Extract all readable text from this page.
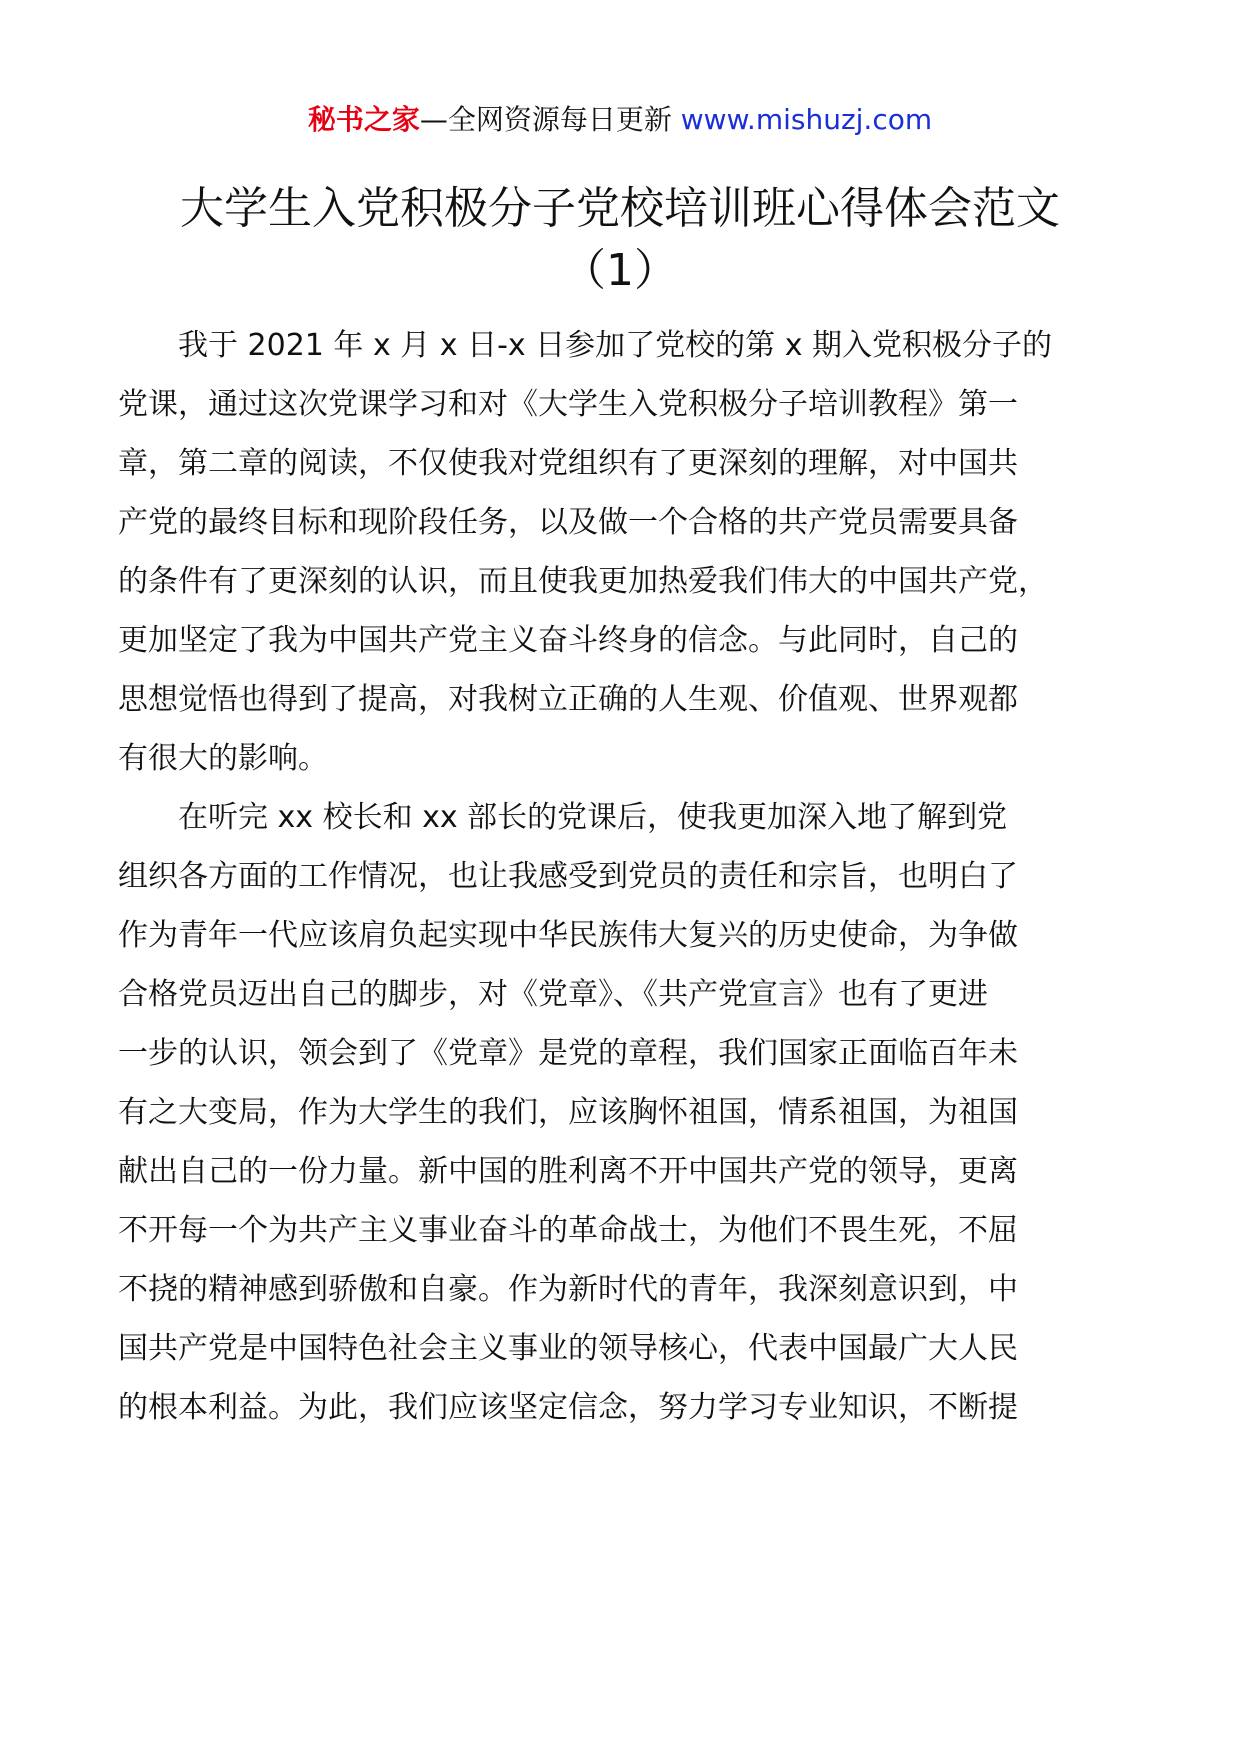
秘书之家—全网资源每日更新 www.mishuzj.com
大学生入党积极分子党校培训班心得体会范文
（1）
我于 2021 年 x 月 x 日-x 日参加了党校的第 x 期入党积极分子的
党课，通过这次党课学习和对《大学生入党积极分子培训教程》第一
章，第二章的阅读，不仅使我对党组织有了更深刻的理解，对中国共
产党的最终目标和现阶段任务，以及做一个合格的共产党员需要具备
的条件有了更深刻的认识，而且使我更加热爱我们伟大的中国共产党，
更加坚定了我为中国共产党主义奋斗终身的信念。与此同时，自己的
思想觉悟也得到了提高，对我树立正确的人生观、价值观、世界观都
有很大的影响。
在听完 xx 校长和 xx 部长的党课后，使我更加深入地了解到党
组织各方面的工作情况，也让我感受到党员的责任和宗旨，也明白了
作为青年一代应该肩负起实现中华民族伟大复兴的历史使命，为争做
合格党员迈出自己的脚步，对《党章》、《共产党宣言》也有了更进
一步的认识，领会到了《党章》是党的章程，我们国家正面临百年未
有之大变局，作为大学生的我们，应该胸怀祖国，情系祖国，为祖国
献出自己的一份力量。新中国的胜利离不开中国共产党的领导，更离
不开每一个为共产主义事业奋斗的革命战士，为他们不畏生死，不屈
不挠的精神感到骄傲和自豪。作为新时代的青年，我深刻意识到，中
国共产党是中国特色社会主义事业的领导核心，代表中国最广大人民
的根本利益。为此，我们应该坚定信念，努力学习专业知识，不断提
